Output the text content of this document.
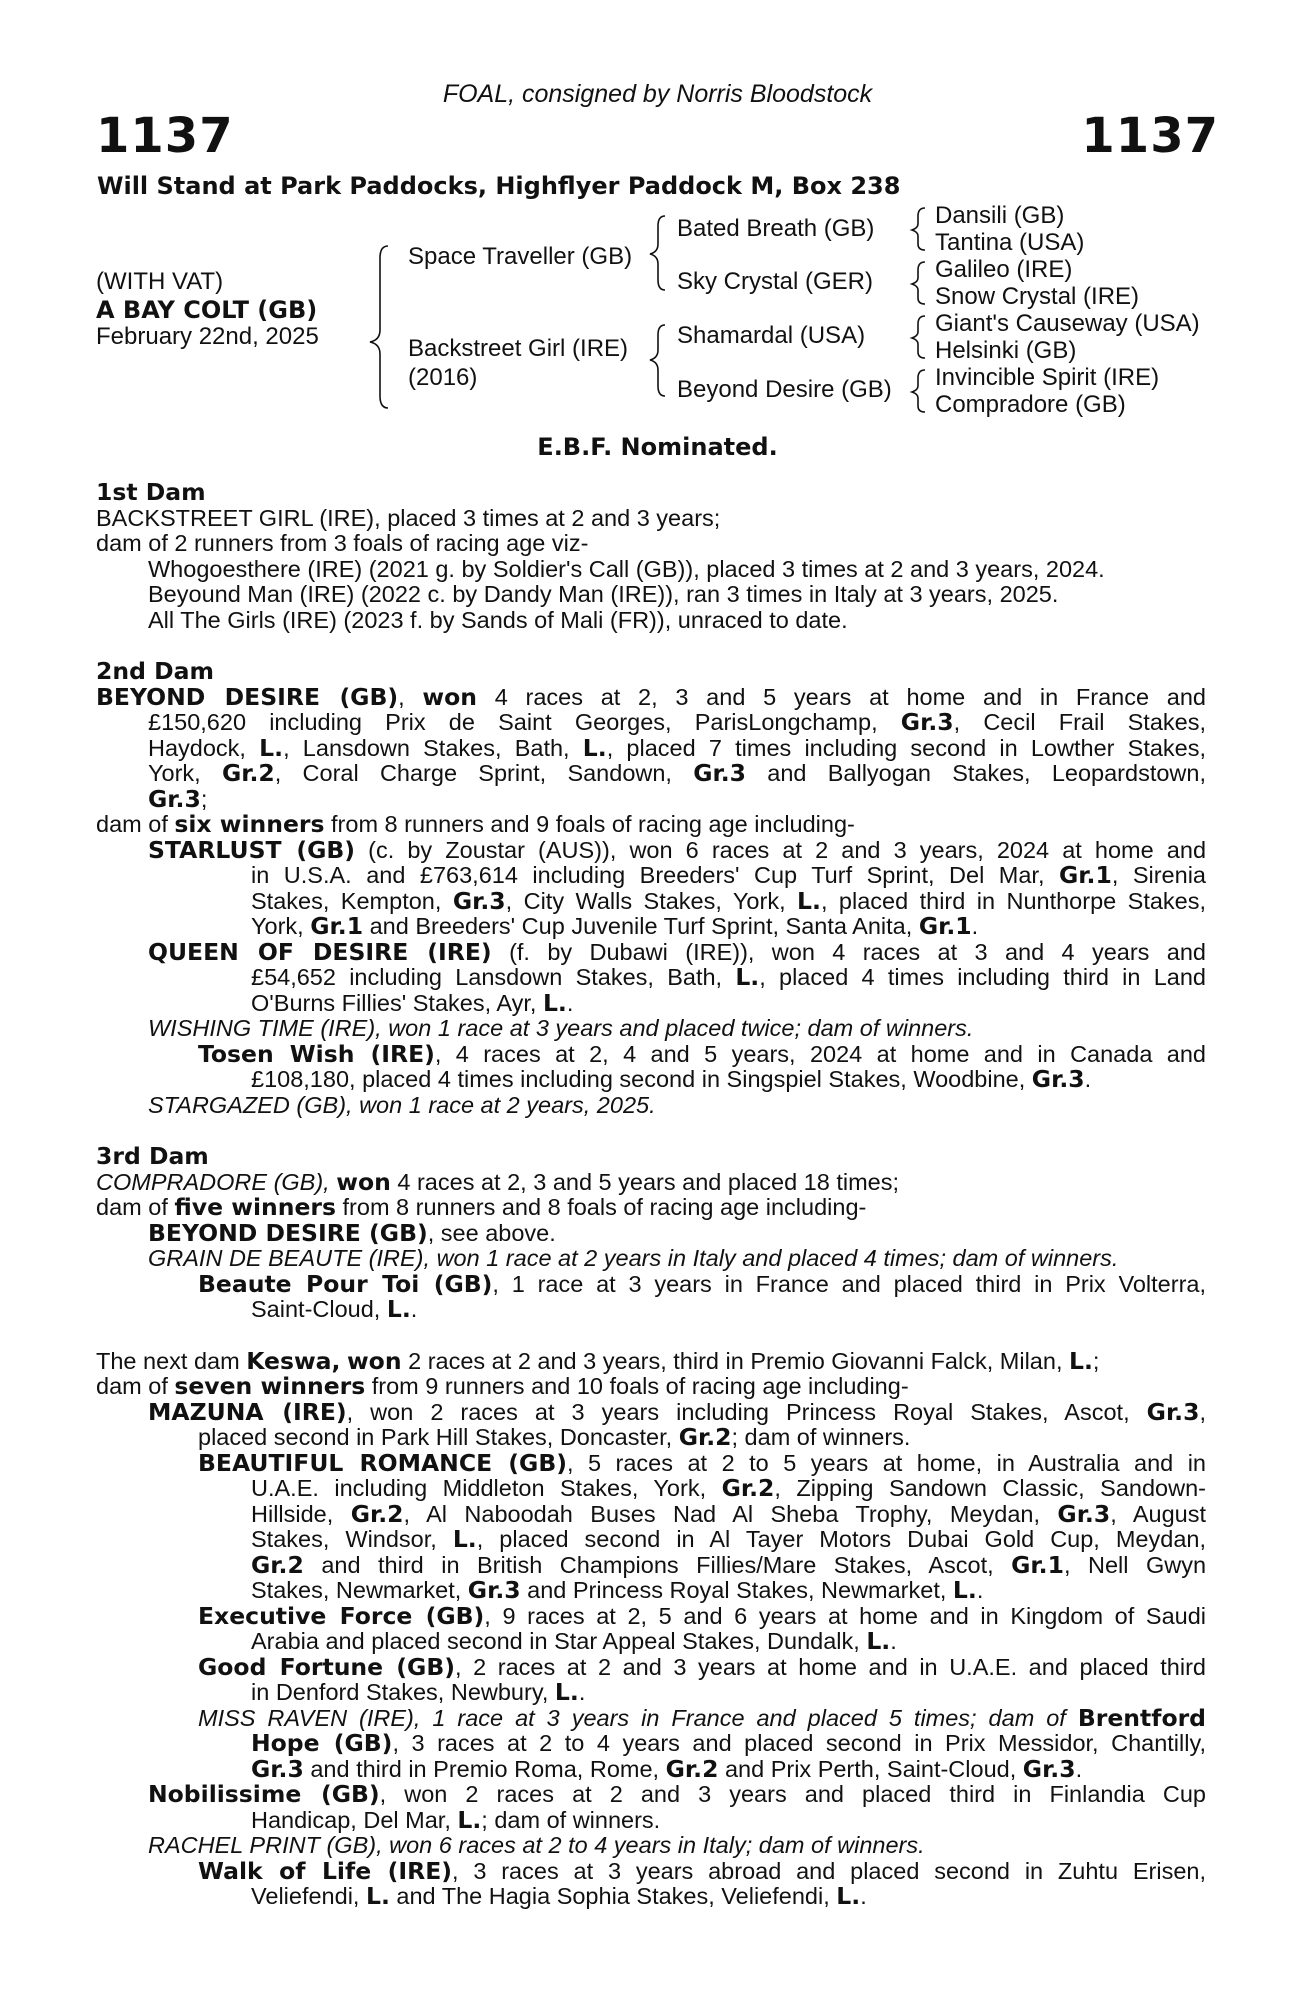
FOAL, consigned by Norris Bloodstock
1137	1137
Will Stand at Park Paddocks, Highflyer Paddock M, Box 238
(WITH VAT)
A BAY COLT (GB)
February 22nd, 2025
Space Traveller (GB)
Backstreet Girl (IRE)
(2016)
Bated Breath (GB)
Sky Crystal (GER)
Shamardal (USA)
Beyond Desire (GB)
Dansili (GB)
Tantina (USA)
Galileo (IRE)
Snow Crystal (IRE)
Giant's Causeway (USA)
Helsinki (GB)
Invincible Spirit (IRE)
Compradore (GB)
E.B.F. Nominated.
1st Dam
BACKSTREET GIRL (IRE), placed 3 times at 2 and 3 years;
dam of 2 runners from 3 foals of racing age viz-
Whogoesthere (IRE) (2021 g. by Soldier's Call (GB)), placed 3 times at 2 and 3 years, 2024.
Beyound Man (IRE) (2022 c. by Dandy Man (IRE)), ran 3 times in Italy at 3 years, 2025.
All The Girls (IRE) (2023 f. by Sands of Mali (FR)), unraced to date.
2nd Dam
BEYOND DESIRE (GB), won 4 races at 2, 3 and 5 years at home and in France and
£150,620 including Prix de Saint Georges, ParisLongchamp, Gr.3, Cecil Frail Stakes,
Haydock, L., Lansdown Stakes, Bath, L., placed 7 times including second in Lowther Stakes,
York, Gr.2, Coral Charge Sprint, Sandown, Gr.3 and Ballyogan Stakes, Leopardstown,
Gr.3;
dam of six winners from 8 runners and 9 foals of racing age including-
STARLUST (GB) (c. by Zoustar (AUS)), won 6 races at 2 and 3 years, 2024 at home and
in U.S.A. and £763,614 including Breeders' Cup Turf Sprint, Del Mar, Gr.1, Sirenia
Stakes, Kempton, Gr.3, City Walls Stakes, York, L., placed third in Nunthorpe Stakes,
York, Gr.1 and Breeders' Cup Juvenile Turf Sprint, Santa Anita, Gr.1.
QUEEN OF DESIRE (IRE) (f. by Dubawi (IRE)), won 4 races at 3 and 4 years and
£54,652 including Lansdown Stakes, Bath, L., placed 4 times including third in Land
O'Burns Fillies' Stakes, Ayr, L..
WISHING TIME (IRE), won 1 race at 3 years and placed twice; dam of winners.
Tosen Wish (IRE), 4 races at 2, 4 and 5 years, 2024 at home and in Canada and
£108,180, placed 4 times including second in Singspiel Stakes, Woodbine, Gr.3.
STARGAZED (GB), won 1 race at 2 years, 2025.
3rd Dam
COMPRADORE (GB), won 4 races at 2, 3 and 5 years and placed 18 times;
dam of five winners from 8 runners and 8 foals of racing age including-
BEYOND DESIRE (GB), see above.
GRAIN DE BEAUTE (IRE), won 1 race at 2 years in Italy and placed 4 times; dam of winners.
Beaute Pour Toi (GB), 1 race at 3 years in France and placed third in Prix Volterra,
Saint-Cloud, L..
The next dam Keswa, won 2 races at 2 and 3 years, third in Premio Giovanni Falck, Milan, L.;
dam of seven winners from 9 runners and 10 foals of racing age including-
MAZUNA (IRE), won 2 races at 3 years including Princess Royal Stakes, Ascot, Gr.3,
placed second in Park Hill Stakes, Doncaster, Gr.2; dam of winners.
BEAUTIFUL ROMANCE (GB), 5 races at 2 to 5 years at home, in Australia and in
U.A.E. including Middleton Stakes, York, Gr.2, Zipping Sandown Classic, Sandown-
Hillside, Gr.2, Al Naboodah Buses Nad Al Sheba Trophy, Meydan, Gr.3, August
Stakes, Windsor, L., placed second in Al Tayer Motors Dubai Gold Cup, Meydan,
Gr.2 and third in British Champions Fillies/Mare Stakes, Ascot, Gr.1, Nell Gwyn
Stakes, Newmarket, Gr.3 and Princess Royal Stakes, Newmarket, L..
Executive Force (GB), 9 races at 2, 5 and 6 years at home and in Kingdom of Saudi
Arabia and placed second in Star Appeal Stakes, Dundalk, L..
Good Fortune (GB), 2 races at 2 and 3 years at home and in U.A.E. and placed third
in Denford Stakes, Newbury, L..
MISS RAVEN (IRE), 1 race at 3 years in France and placed 5 times; dam of Brentford
Hope (GB), 3 races at 2 to 4 years and placed second in Prix Messidor, Chantilly,
Gr.3 and third in Premio Roma, Rome, Gr.2 and Prix Perth, Saint-Cloud, Gr.3.
Nobilissime (GB), won 2 races at 2 and 3 years and placed third in Finlandia Cup
Handicap, Del Mar, L.; dam of winners.
RACHEL PRINT (GB), won 6 races at 2 to 4 years in Italy; dam of winners.
Walk of Life (IRE), 3 races at 3 years abroad and placed second in Zuhtu Erisen,
Veliefendi, L. and The Hagia Sophia Stakes, Veliefendi, L..
